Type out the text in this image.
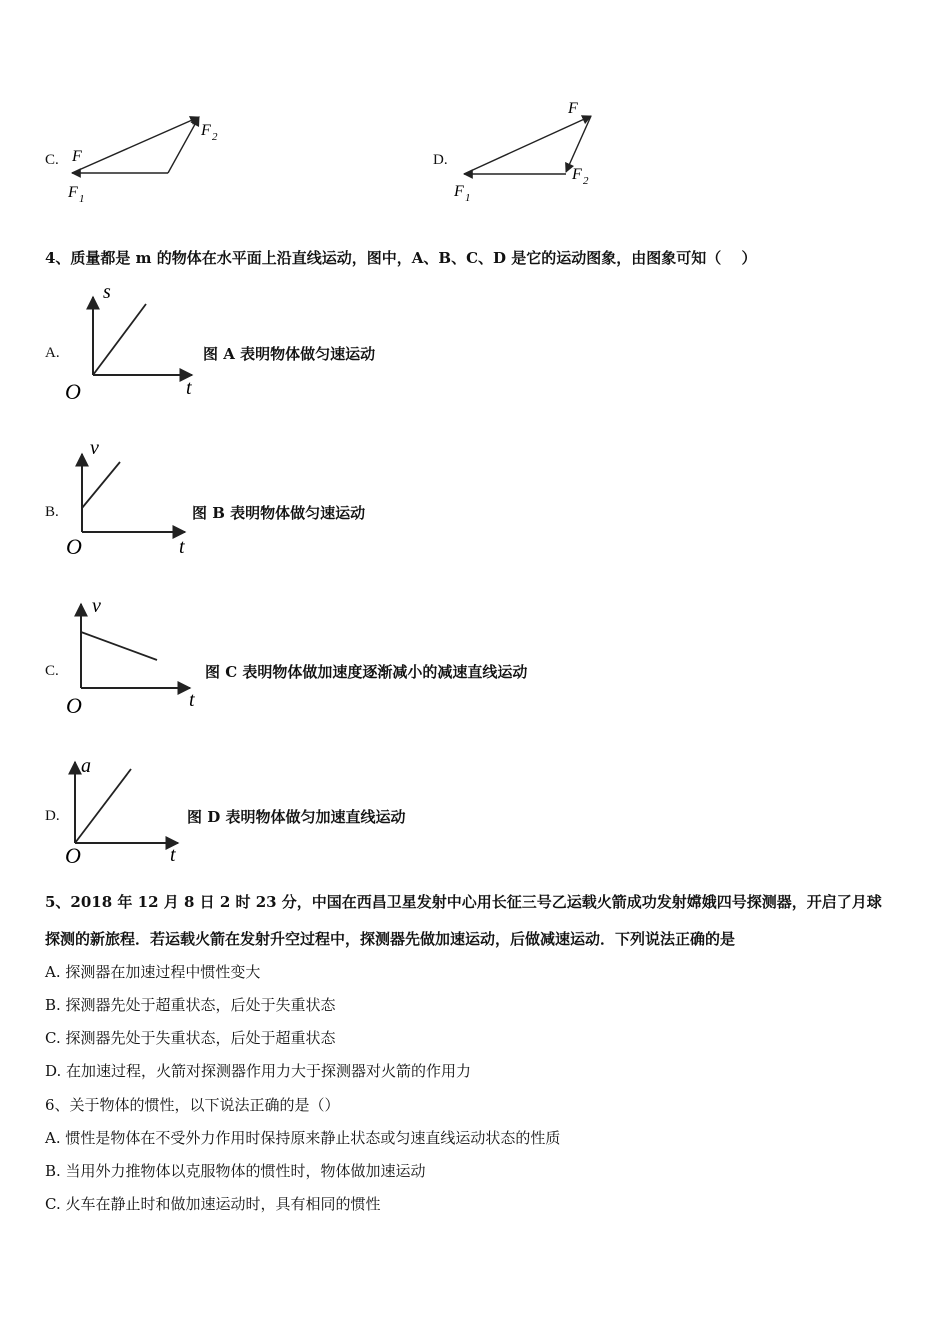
C. F
F 1
F 2
D.
F
F 1
F 2
4、质量都是 m 的物体在水平面上沿直线运动，图中，A、B、C、D 是它的运动图象，由图象可知（　 ）
A.
s
t
O
图 A 表明物体做匀速运动
B.
v
t
O
图 B 表明物体做匀速运动
C.
v
t
O
图 C 表明物体做加速度逐渐减小的减速直线运动
D.
a
t
O
图 D 表明物体做匀加速直线运动
5、2018 年 12 月 8 日 2 时 23 分，中国在西昌卫星发射中心用长征三号乙运载火箭成功发射嫦娥四号探测器，开启了月球
探测的新旅程．若运载火箭在发射升空过程中，探测器先做加速运动，后做减速运动．下列说法正确的是
A. 探测器在加速过程中惯性变大
B. 探测器先处于超重状态，后处于失重状态
C. 探测器先处于失重状态，后处于超重状态
D. 在加速过程，火箭对探测器作用力大于探测器对火箭的作用力
6、关于物体的惯性，以下说法正确的是（）
A. 惯性是物体在不受外力作用时保持原来静止状态或匀速直线运动状态的性质
B. 当用外力推物体以克服物体的惯性时，物体做加速运动
C. 火车在静止时和做加速运动时，具有相同的惯性
